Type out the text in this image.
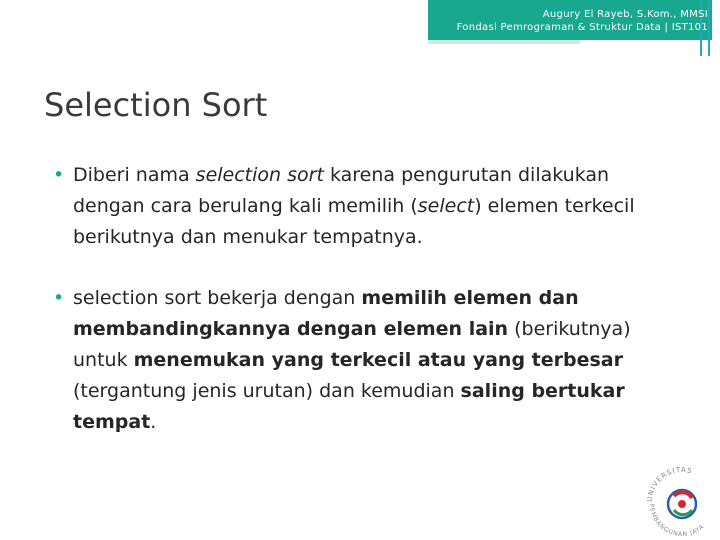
Augury El Rayeb, S.Kom., MMSI
Fondasi Pemrograman & Struktur Data | IST101
Selection Sort
• Diberi nama selection sort karena pengurutan dilakukan dengan cara berulang kali memilih (select) elemen terkecil berikutnya dan menukar tempatnya.
• selection sort bekerja dengan memilih elemen dan membandingkannya dengan elemen lain (berikutnya) untuk menemukan yang terkecil atau yang terbesar (tergantung jenis urutan) dan kemudian saling bertukar tempat.
UNIVERSITAS
PEMBANGUNAN JAYA
